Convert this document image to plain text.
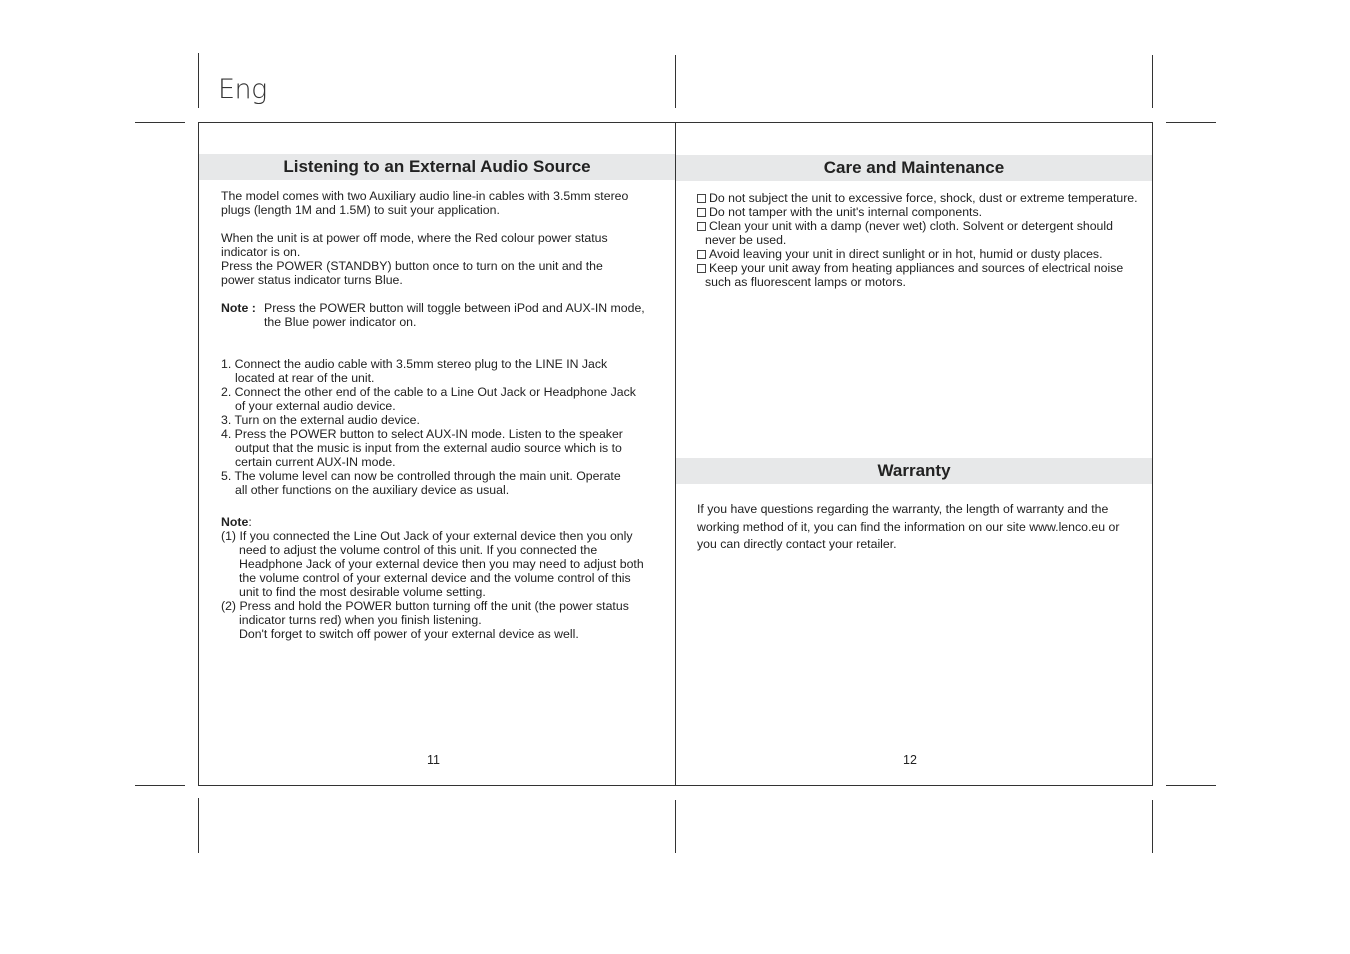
Eng
Listening to an External Audio Source

The model comes with two Auxiliary audio line-in cables with 3.5mm stereo

plugs (length 1M and 1.5M) to suit your application.

When the unit is at power off mode, where the Red colour power status

indicator is on.

Press the POWER (STANDBY) button once to turn on the unit and the

power status indicator turns Blue.

Note : Press the POWER button will toggle between iPod and AUX-IN mode,

the Blue power indicator on.

1. Connect the audio cable with 3.5mm stereo plug to the LINE IN Jack

located at rear of the unit.

2. Connect the other end of the cable to a Line Out Jack or Headphone Jack

of your external audio device.

3. Turn on the external audio device.

4. Press the POWER button to select AUX-IN mode. Listen to the speaker

output that the music is input from the external audio source which is to

certain current AUX-IN mode.

5. The volume level can now be controlled through the main unit. Operate

all other functions on the auxiliary device as usual.

Note:

(1) If you connected the Line Out Jack of your external device then you only

need to adjust the volume control of this unit. If you connected the

Headphone Jack of your external device then you may need to adjust both

the volume control of your external device and the volume control of this

unit to find the most desirable volume setting.

(2) Press and hold the POWER button turning off the unit (the power status

indicator turns red) when you finish listening.

Don't forget to switch off power of your external device as well.

11
Care and Maintenance

Do not subject the unit to excessive force, shock, dust or extreme temperature.

Do not tamper with the unit's internal components.

Clean your unit with a damp (never wet) cloth. Solvent or detergent should
never be used.

Avoid leaving your unit in direct sunlight or in hot, humid or dusty places.

Keep your unit away from heating appliances and sources of electrical noise
such as fluorescent lamps or motors.

Warranty

If you have questions regarding the warranty, the length of warranty and the

working method of it, you can find the information on our site www.lenco.eu or

you can directly contact your retailer.

12
